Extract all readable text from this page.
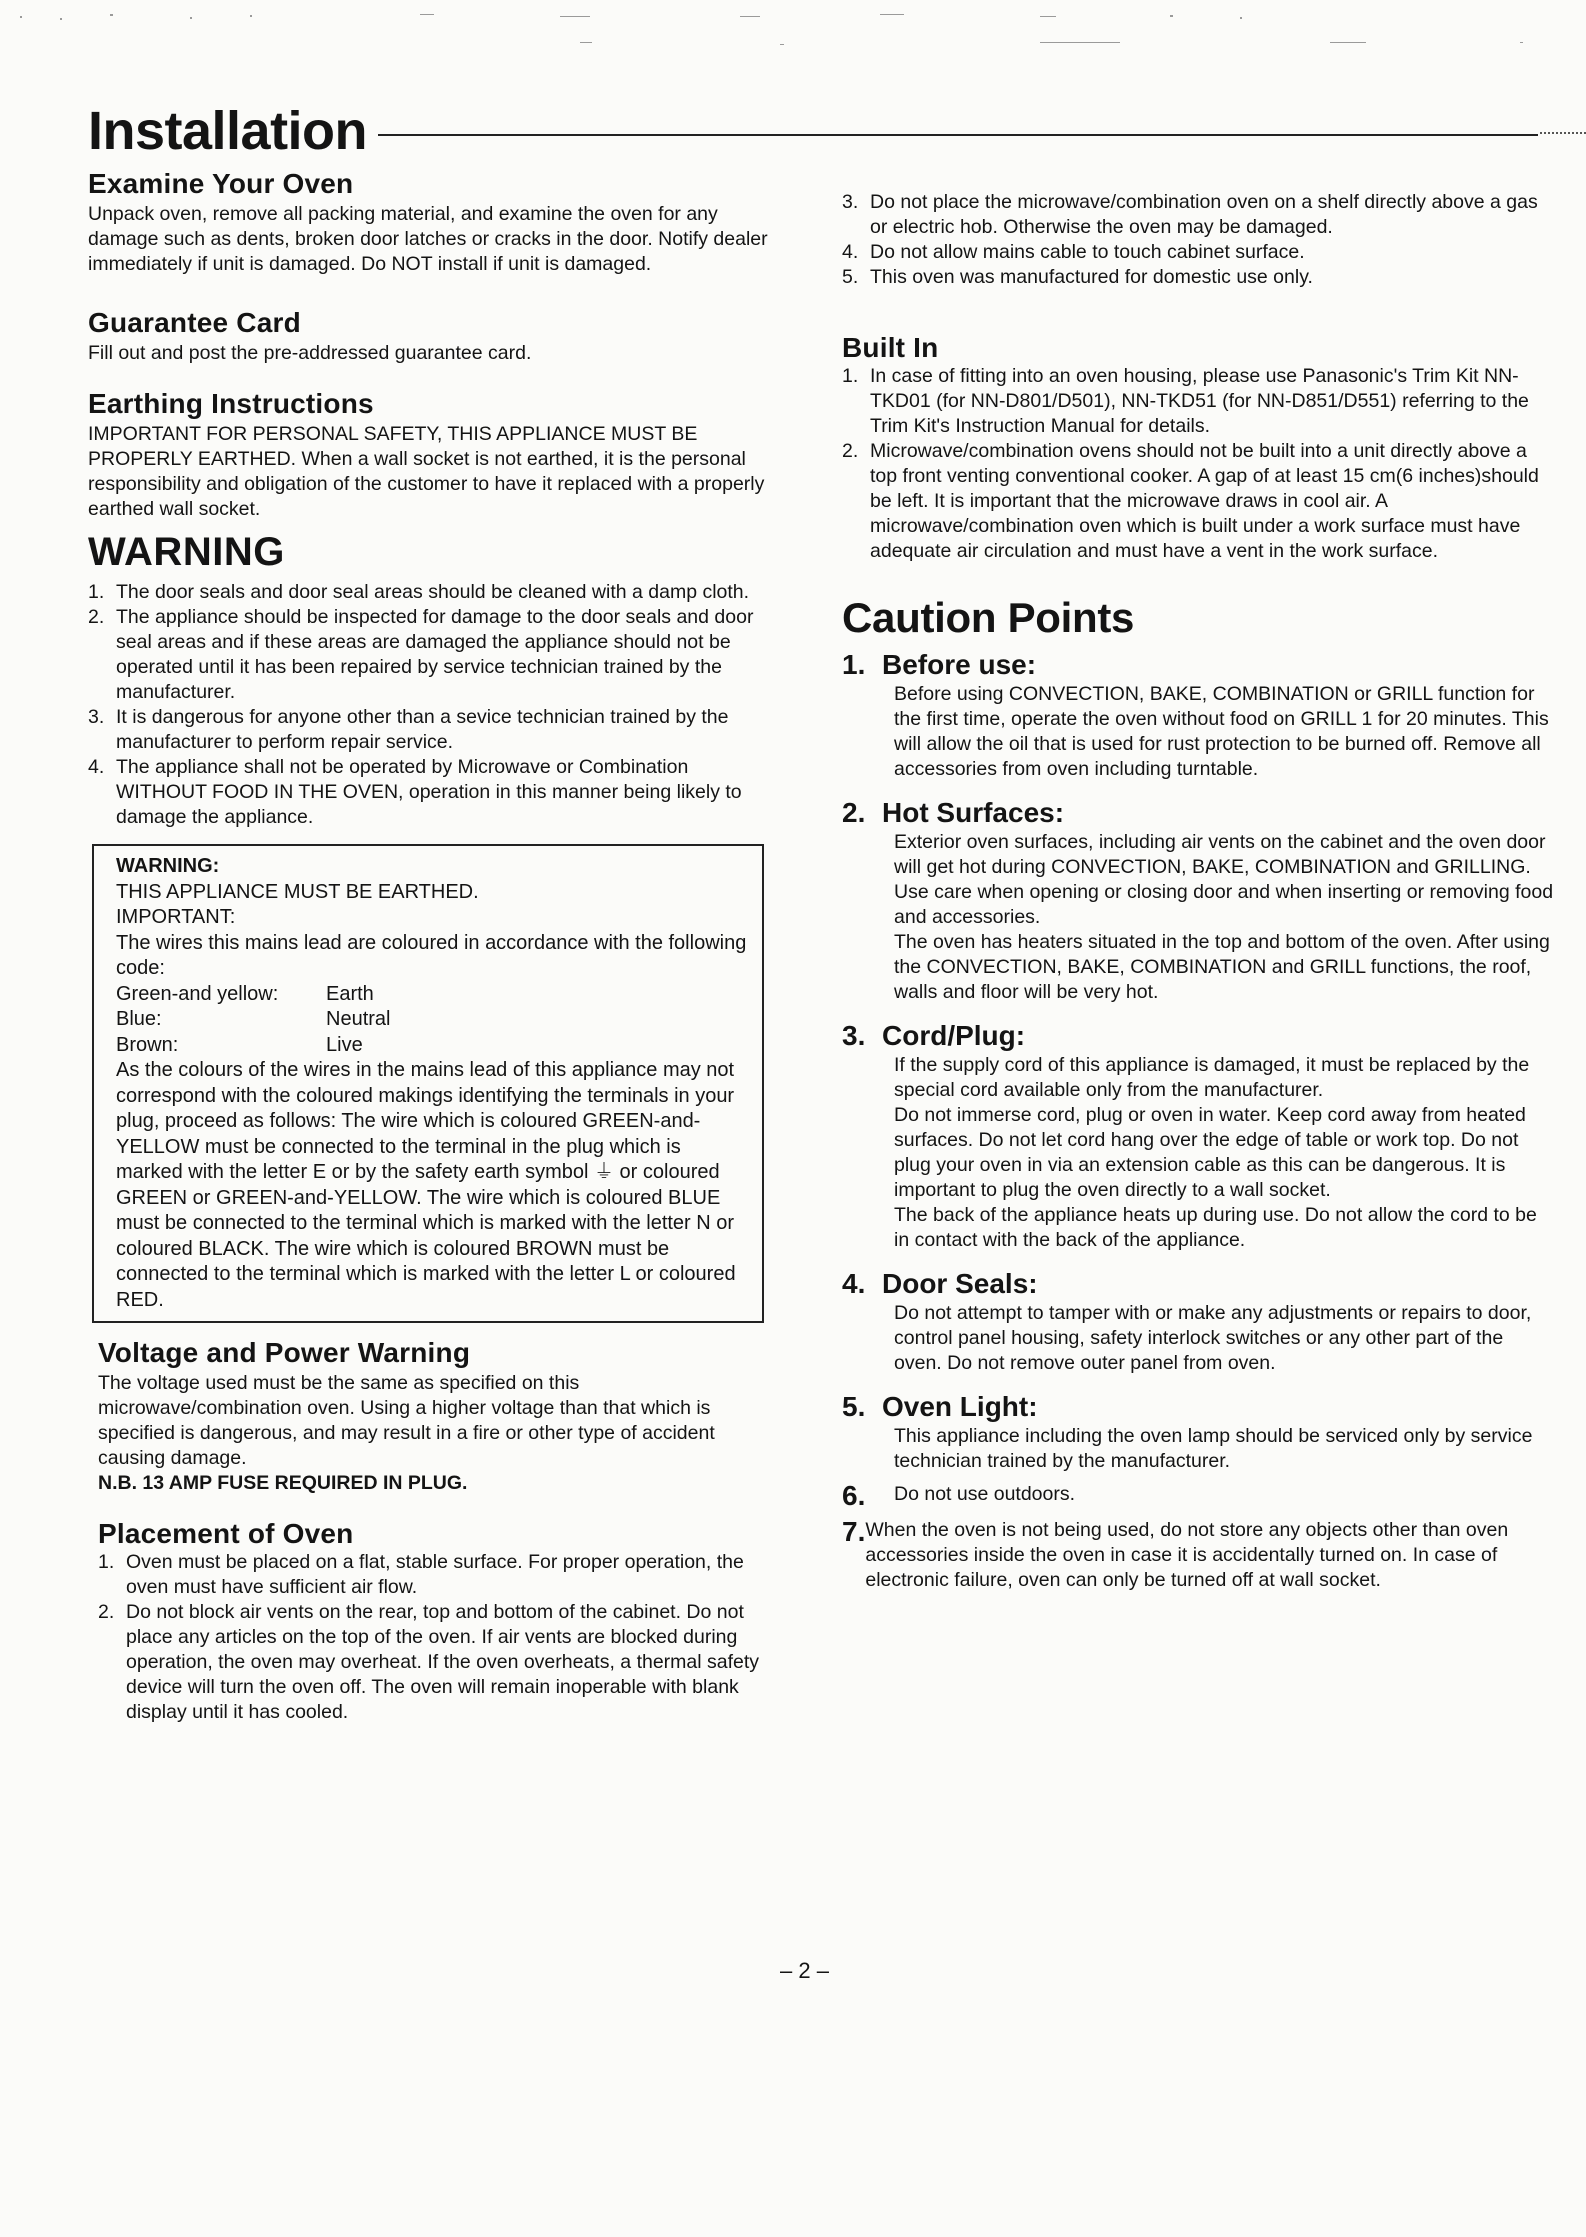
Installation
Examine Your Oven

Unpack oven, remove all packing material, and examine the oven for any damage such as dents, broken door latches or cracks in the door. Notify dealer immediately if unit is damaged. Do NOT install if unit is damaged.

Guarantee Card

Fill out and post the pre-addressed guarantee card.

Earthing Instructions

IMPORTANT FOR PERSONAL SAFETY, THIS APPLIANCE MUST BE PROPERLY EARTHED. When a wall socket is not earthed, it is the personal responsibility and obligation of the customer to have it replaced with a properly earthed wall socket.

WARNING
1. The door seals and door seal areas should be cleaned with a damp cloth.
2. The appliance should be inspected for damage to the door seals and door seal areas and if these areas are damaged the appliance should not be operated until it has been repaired by service technician trained by the manufacturer.
3. It is dangerous for anyone other than a sevice technician trained by the manufacturer to perform repair service.
4. The appliance shall not be operated by Microwave or Combination WITHOUT FOOD IN THE OVEN, operation in this manner being likely to damage the appliance.
WARNING:
THIS APPLIANCE MUST BE EARTHED.
IMPORTANT:
The wires this mains lead are coloured in accordance with the following code:
Green-and yellow:	Earth
Blue:	Neutral
Brown:	Live
As the colours of the wires in the mains lead of this appliance may not correspond with the coloured makings identifying the terminals in your plug, proceed as follows: The wire which is coloured GREEN-and-YELLOW must be connected to the terminal in the plug which is marked with the letter E or by the safety earth symbol ⏚ or coloured GREEN or GREEN-and-YELLOW. The wire which is coloured BLUE must be connected to the terminal which is marked with the letter N or coloured BLACK. The wire which is coloured BROWN must be connected to the terminal which is marked with the letter L or coloured RED.
Voltage and Power Warning

The voltage used must be the same as specified on this microwave/combination oven. Using a higher voltage than that which is specified is dangerous, and may result in a fire or other type of accident causing damage.

N.B. 13 AMP FUSE REQUIRED IN PLUG.

Placement of Oven
1. Oven must be placed on a flat, stable surface. For proper operation, the oven must have sufficient air flow.
2. Do not block air vents on the rear, top and bottom of the cabinet. Do not place any articles on the top of the oven. If air vents are blocked during operation, the oven may overheat. If the oven overheats, a thermal safety device will turn the oven off. The oven will remain inoperable with blank display until it has cooled.
3. Do not place the microwave/combination oven on a shelf directly above a gas or electric hob. Otherwise the oven may be damaged.
4. Do not allow mains cable to touch cabinet surface.
5. This oven was manufactured for domestic use only.
Built In
1. In case of fitting into an oven housing, please use Panasonic's Trim Kit NN-TKD01 (for NN-D801/D501), NN-TKD51 (for NN-D851/D551) referring to the Trim Kit's Instruction Manual for details.
2. Microwave/combination ovens should not be built into a unit directly above a top front venting conventional cooker. A gap of at least 15 cm(6 inches)should be left. It is important that the microwave draws in cool air. A microwave/combination oven which is built under a work surface must have adequate air circulation and must have a vent in the work surface.
Caution Points
1. Before use:
Before using CONVECTION, BAKE, COMBINATION or GRILL function for the first time, operate the oven without food on GRILL 1 for 20 minutes. This will allow the oil that is used for rust protection to be burned off. Remove all accessories from oven including turntable.
2. Hot Surfaces:
Exterior oven surfaces, including air vents on the cabinet and the oven door will get hot during CONVECTION, BAKE, COMBINATION and GRILLING. Use care when opening or closing door and when inserting or removing food and accessories.
The oven has heaters situated in the top and bottom of the oven. After using the CONVECTION, BAKE, COMBINATION and GRILL functions, the roof, walls and floor will be very hot.
3. Cord/Plug:
If the supply cord of this appliance is damaged, it must be replaced by the special cord available only from the manufacturer.
Do not immerse cord, plug or oven in water. Keep cord away from heated surfaces. Do not let cord hang over the edge of table or work top. Do not plug your oven in via an extension cable as this can be dangerous. It is important to plug the oven directly to a wall socket.
The back of the appliance heats up during use. Do not allow the cord to be in contact with the back of the appliance.
4. Door Seals:
Do not attempt to tamper with or make any adjustments or repairs to door, control panel housing, safety interlock switches or any other part of the oven. Do not remove outer panel from oven.
5. Oven Light:
This appliance including the oven lamp should be serviced only by service technician trained by the manufacturer.
6.	Do not use outdoors.
7. When the oven is not being used, do not store any objects other than oven accessories inside the oven in case it is accidentally turned on. In case of electronic failure, oven can only be turned off at wall socket.
– 2 –
